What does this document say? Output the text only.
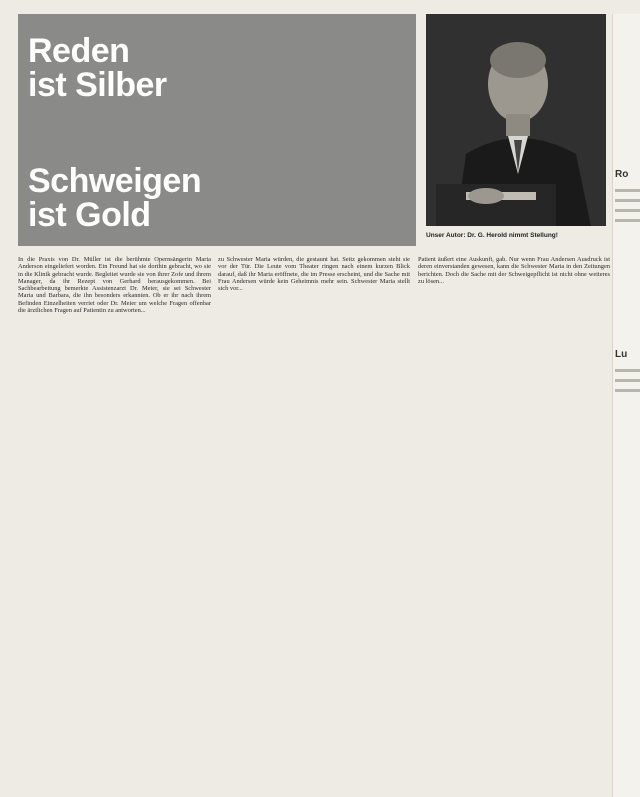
Reden
ist Silber
Schweigen
ist Gold
Unser Autor: Dr. G. Herold nimmt Stellung!

In die Praxis von Dr. Müller ist die berühmte Opernsängerin Maria Anderson eingeliefert worden. Ein Freund hat sie dorthin gebracht, wo sie in die Klinik gebracht wurde. Begleitet wurde sie von ihrer Zofe und ihrem Manager, da ihr Rezept von Gerhard herausgekommen. Bei Sachbearbeitung bemerkte Assistenzarzt Dr. Meier, sie sei Schwester Maria und Barbara, die ihn besonders erkannten. Ob er ihr nach ihrem Befinden Einzelheiten verriet oder Dr. Meier um welche Fragen offenbar die ärztlichen Fragen auf Patientin zu antworten...

zu Schwester Maria würden, die gestaunt hat. Seitz gekommen steht sie vor der Tür. Die Leute vom Theater ringen nach einem kurzen Blick darauf, daß ihr Maria eröffnete, die im Presse erscheint, und die Sache mit Frau Andersen würde kein Geheimnis mehr sein. Schwester Maria stellt sich vor...

Patient äußert eine Auskunft, gab. Nur wenn Frau Andersen Ausdruck ist deren einverstanden gewesen, kann die Schwester Maria in den Zeitungen berichten. Doch die Sache mit der Schweigepflicht ist nicht ohne weiteres zu lösen...

Ro
Lu
